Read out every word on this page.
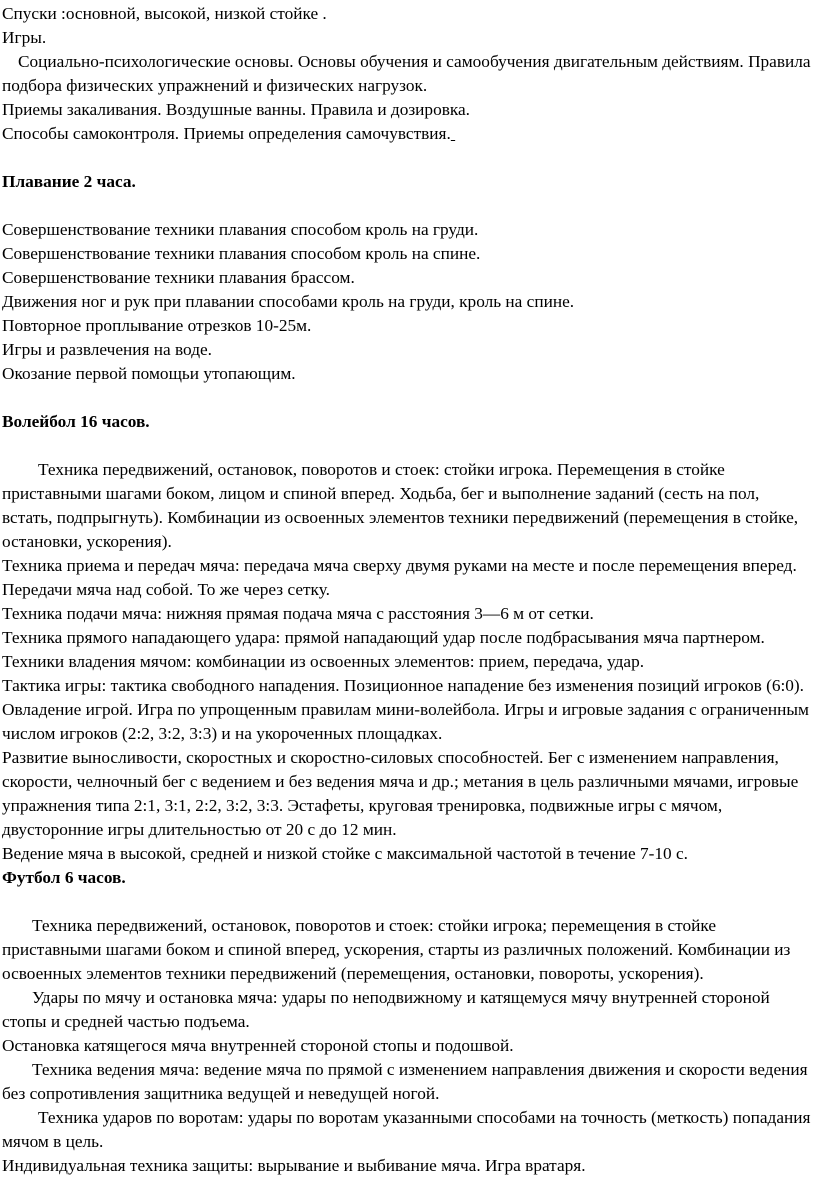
Спуски :основной, высокой, низкой стойке .

Игры.

Социально-психологические основы. Основы обучения и самообучения двигательным действиям. Правила подбора физических упражнений и физических нагрузок.

Приемы закаливания. Воздушные ванны. Правила и дозировка.

Способы самоконтроля. Приемы определения самочувствия.

Плавание 2 часа.

Совершенствование техники плавания способом кроль на груди.

Совершенствование техники плавания способом кроль на спине.

Совершенствование техники плавания брассом.

Движения ног и рук при плавании способами кроль на груди, кроль на спине.

Повторное проплывание отрезков 10-25м.

Игры и развлечения на воде.

Окозание первой помощьи утопающим.

Волейбол 16 часов.

Техника передвижений, остановок, поворотов и стоек: стойки игрока. Перемещения в стойке приставными шагами боком, лицом и спиной вперед. Ходьба, бег и выполнение заданий (сесть на пол, встать, подпрыгнуть). Комбинации из освоенных элементов техники передвижений (перемещения в стойке, остановки, ускорения).

Техника приема и передач мяча: передача мяча сверху двумя руками на месте и после перемещения вперед. Передачи мяча над собой. То же через сетку.

Техника подачи мяча: нижняя прямая подача мяча с расстояния 3—6 м от сетки.

Техника прямого нападающего удара: прямой нападающий удар после подбрасывания мяча партнером.

Техники владения мячом: комбинации из освоенных элементов: прием, передача, удар.

Тактика игры: тактика свободного нападения. Позиционное нападение без изменения позиций игроков (6:0).

Овладение игрой. Игра по упрощенным правилам мини-волейбола. Игры и игровые задания с ограниченным числом игроков (2:2, 3:2, 3:3) и на укороченных площадках.

Развитие выносливости, скоростных и скоростно-силовых способностей. Бег с изменением направления, скорости, челночный бег с ведением и без ведения мяча и др.; метания в цель различными мячами, игровые упражнения типа 2:1, 3:1, 2:2, 3:2, 3:3. Эстафеты, круговая тренировка, подвижные игры с мячом, двусторонние игры длительностью от 20 с до 12 мин.

Ведение мяча в высокой, средней и низкой стойке с максимальной частотой в течение 7-10 с.

Футбол 6 часов.

Техника передвижений, остановок, поворотов и стоек: стойки игрока; перемещения в стойке приставными шагами боком и спиной вперед, ускорения, старты из различных положений. Комбинации из освоенных элементов техники передвижений (перемещения, остановки, повороты, ускорения).

Удары по мячу и остановка мяча: удары по неподвижному и катящемуся мячу внутренней стороной стопы и средней частью подъема.

Остановка катящегося мяча внутренней стороной стопы и подошвой.

Техника ведения мяча: ведение мяча по прямой с изменением направления движения и скорости ведения без сопротивления защитника ведущей и неведущей ногой.

Техника ударов по воротам: удары по воротам указанными способами на точность (меткость) попадания мячом в цель.

Индивидуальная техника защиты: вырывание и выбивание мяча. Игра вратаря.
